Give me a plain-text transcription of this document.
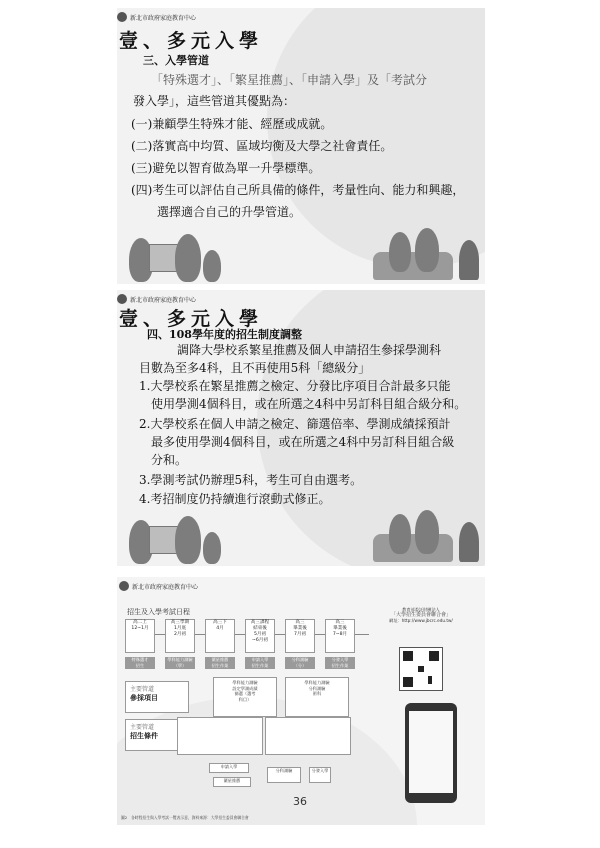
新北市政府家庭教育中心
壹、多元入學
三、入學管道
「特殊選才」、「繁星推薦」、「申請入學」及「考試分
發入學」，這些管道其優點為：
(一)兼顧學生特殊才能、經歷或成就。
(二)落實高中均質、區域均衡及大學之社會責任。
(三)避免以智育做為單一升學標準。
(四)考生可以評估自己所具備的條件，考量性向、能力和興趣，
選擇適合自己的升學管道。
新北市政府家庭教育中心
壹、多元入學
四、108學年度的招生制度調整
調降大學校系繁星推薦及個人申請招生參採學測科
目數為至多4科，且不再使用5科「總級分」
1.大學校系在繁星推薦之檢定、分發比序項目合計最多只能
使用學測4個科目，或在所選之4科中另訂科目組合級分和。
2.大學校系在個人申請之檢定、篩選倍率、學測成績採預計
最多使用學測4個科目，或在所選之4科中另訂科目組合級
分和。
3.學測考試仍辦理5科，考生可自由選考。
4.考招制度仍持續進行滾動式修正。
新北市政府家庭教育中心
招生及入學考試日程
高二上
12~1月
高三學期
1月底
2月初
高三下
4月
高三課程
結束後
5月初
~6月初
高三
畢業後
7月初
高三
畢業後
7~8月
特殊選才
招生
學科能力測驗
（學）
繁星推薦
招生作業
申請入學
招生作業
分科測驗
（分）
分發入學
招生作業
主要管道
參採項目
學科能力測驗
設定學測成績
篩選（選考
科目）
學科能力測驗
分科測驗
術科
主要管道
招生條件
申請入學
繁星推薦
分科測驗	分發入學
教育部委託財團法人
「大學招生委員會聯合會」
網址：http://www.jbcrc.edu.tw/
36
圖2　各時程招生與入學考試一覽表示意，資料來源：大學招生委員會聯合會
